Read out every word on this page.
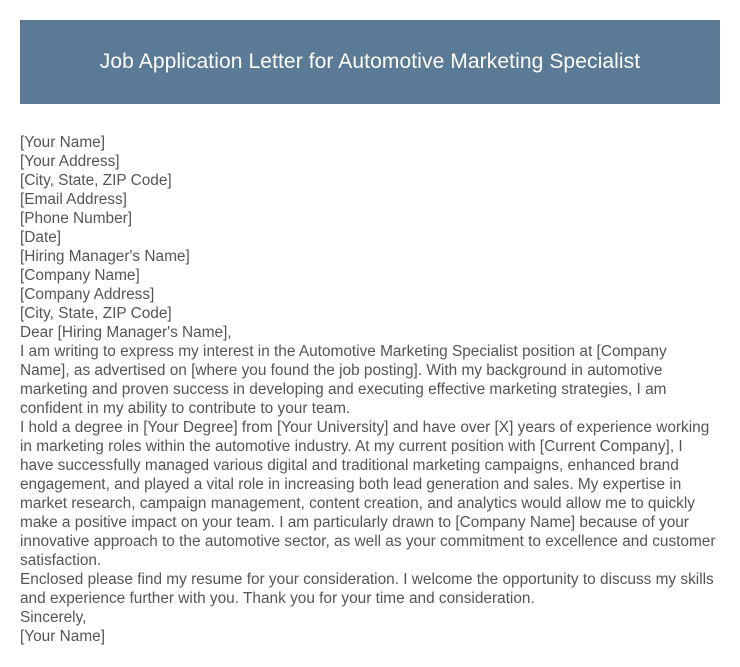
Job Application Letter for Automotive Marketing Specialist
[Your Name]
[Your Address]
[City, State, ZIP Code]
[Email Address]
[Phone Number]
[Date]
[Hiring Manager's Name]
[Company Name]
[Company Address]
[City, State, ZIP Code]
Dear [Hiring Manager's Name],
I am writing to express my interest in the Automotive Marketing Specialist position at [Company Name], as advertised on [where you found the job posting]. With my background in automotive marketing and proven success in developing and executing effective marketing strategies, I am confident in my ability to contribute to your team.
I hold a degree in [Your Degree] from [Your University] and have over [X] years of experience working in marketing roles within the automotive industry. At my current position with [Current Company], I have successfully managed various digital and traditional marketing campaigns, enhanced brand engagement, and played a vital role in increasing both lead generation and sales. My expertise in market research, campaign management, content creation, and analytics would allow me to quickly make a positive impact on your team. I am particularly drawn to [Company Name] because of your innovative approach to the automotive sector, as well as your commitment to excellence and customer satisfaction.
Enclosed please find my resume for your consideration. I welcome the opportunity to discuss my skills and experience further with you. Thank you for your time and consideration.
Sincerely,
[Your Name]
